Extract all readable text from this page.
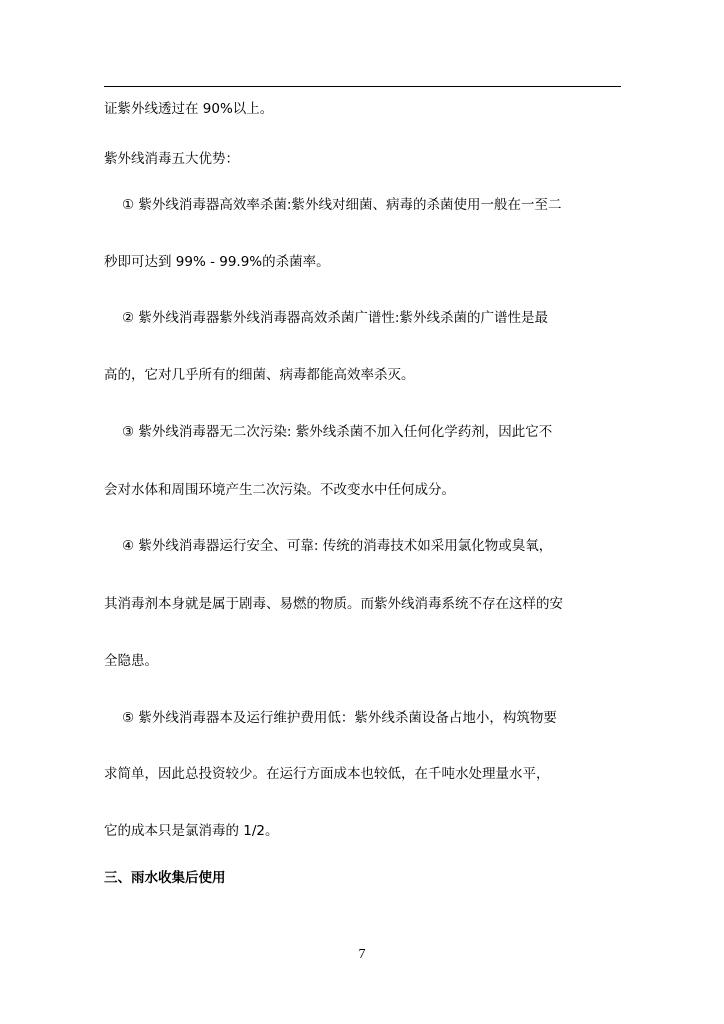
证紫外线透过在 90%以上。
紫外线消毒五大优势：
① 紫外线消毒器高效率杀菌:紫外线对细菌、病毒的杀菌使用一般在一至二
秒即可达到 99% - 99.9%的杀菌率。
② 紫外线消毒器紫外线消毒器高效杀菌广谱性:紫外线杀菌的广谱性是最
高的，它对几乎所有的细菌、病毒都能高效率杀灭。
③ 紫外线消毒器无二次污染: 紫外线杀菌不加入任何化学药剂，因此它不
会对水体和周围环境产生二次污染。不改变水中任何成分。
④ 紫外线消毒器运行安全、可靠: 传统的消毒技术如采用氯化物或臭氧，
其消毒剂本身就是属于剧毒、易燃的物质。而紫外线消毒系统不存在这样的安
全隐患。
⑤ 紫外线消毒器本及运行维护费用低：紫外线杀菌设备占地小，构筑物要
求简单，因此总投资较少。在运行方面成本也较低，在千吨水处理量水平，
它的成本只是氯消毒的 1/2。
三、雨水收集后使用
7
